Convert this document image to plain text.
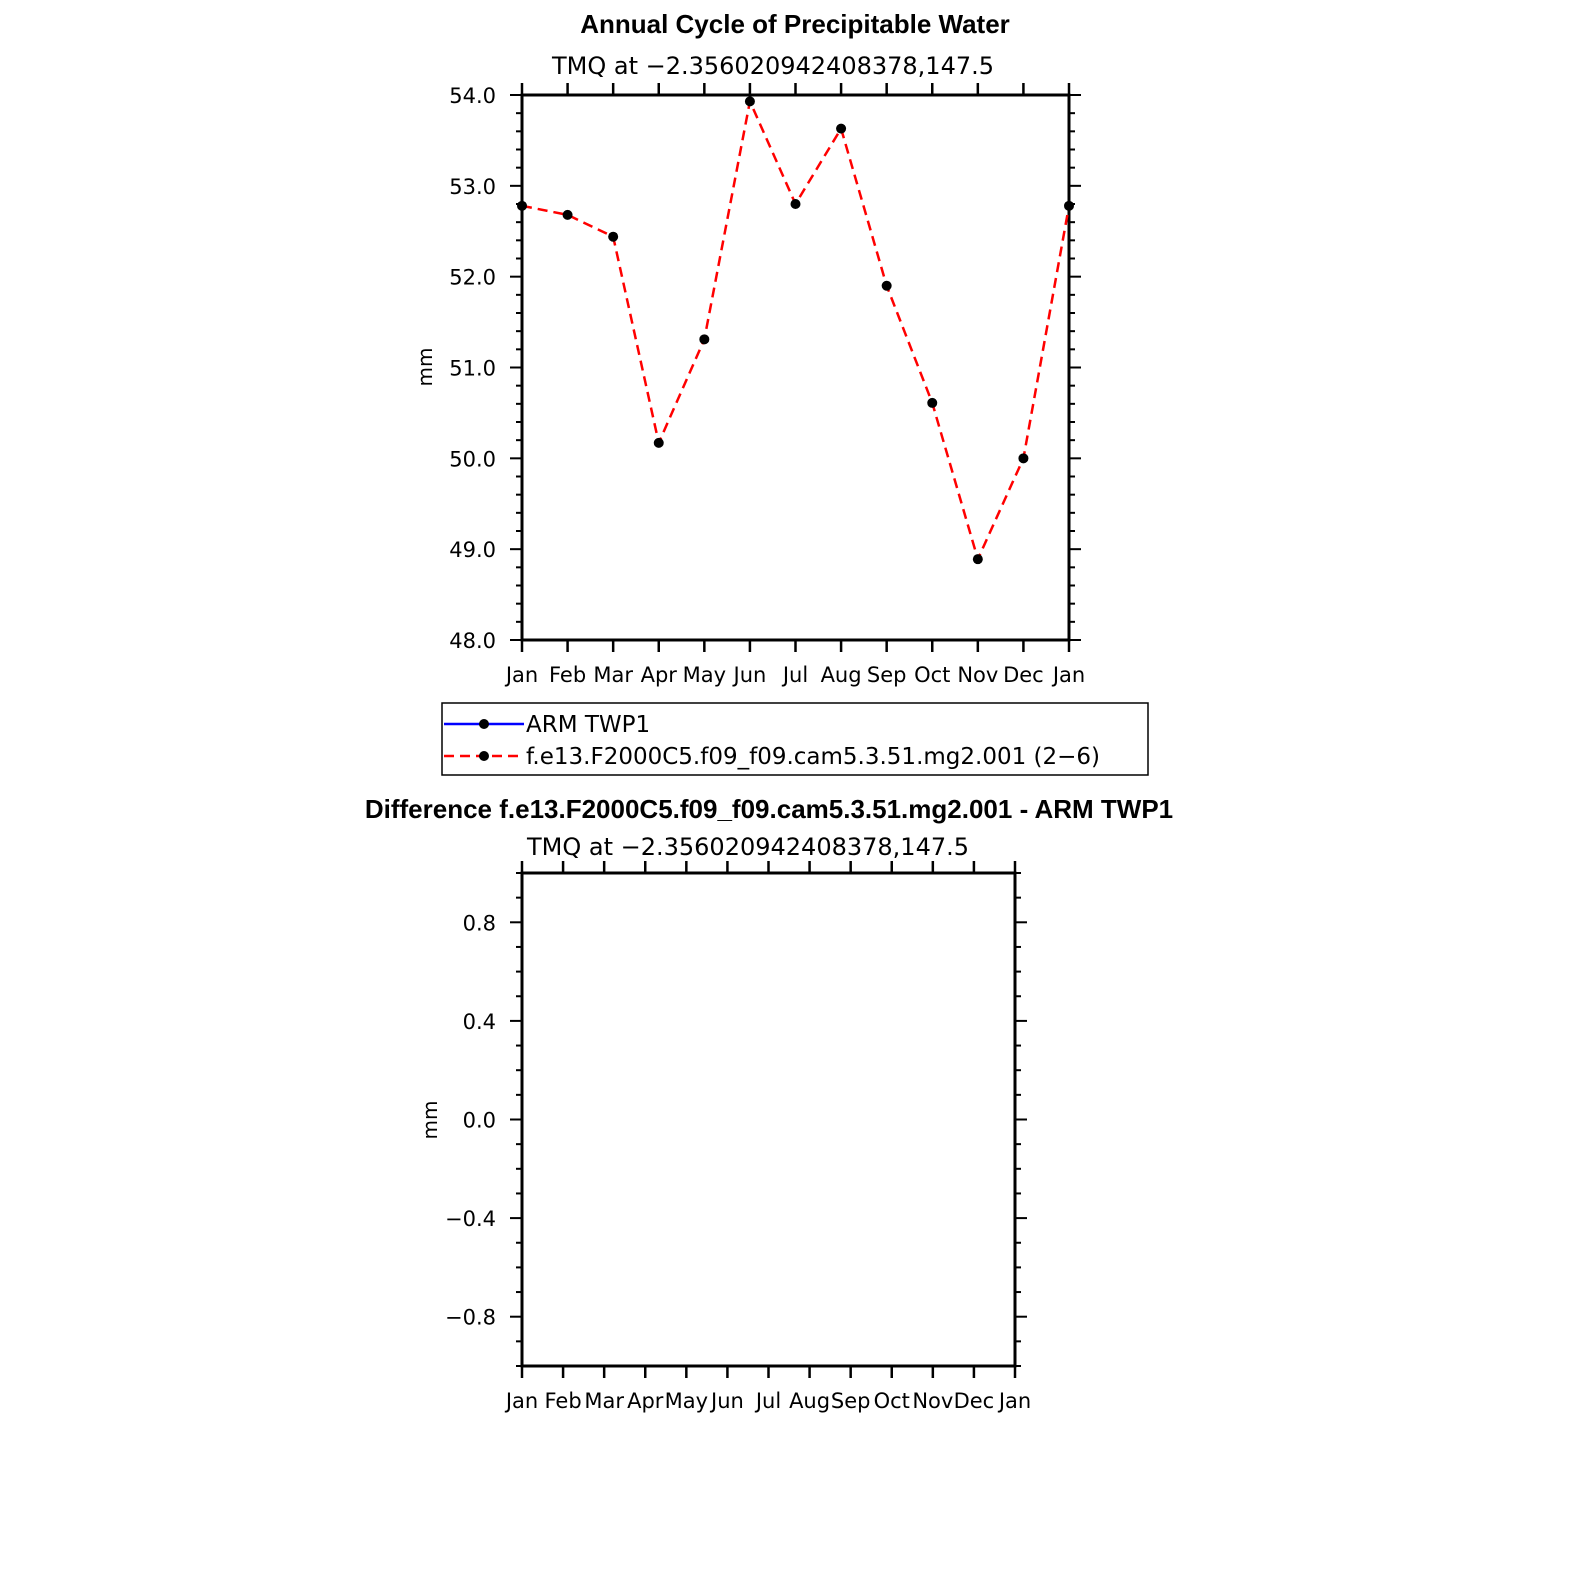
Annual Cycle of Precipitable Water
TMQ at −2.356020942408378,147.5
mm
Jan Feb Mar Apr May Jun Jul Aug Sep Oct Nov Dec Jan
48.0
49.0
50.0
51.0
52.0
53.0
54.0
ARM TWP1
f.e13.F2000C5.f09_f09.cam5.3.51.mg2.001 (2−6)
Difference f.e13.F2000C5.f09_f09.cam5.3.51.mg2.001 - ARM TWP1
TMQ at −2.356020942408378,147.5
mm
Jan Feb Mar Apr May Jun Jul Aug Sep Oct Nov Dec Jan
−0.8
−0.4
0.0
0.4
0.8
